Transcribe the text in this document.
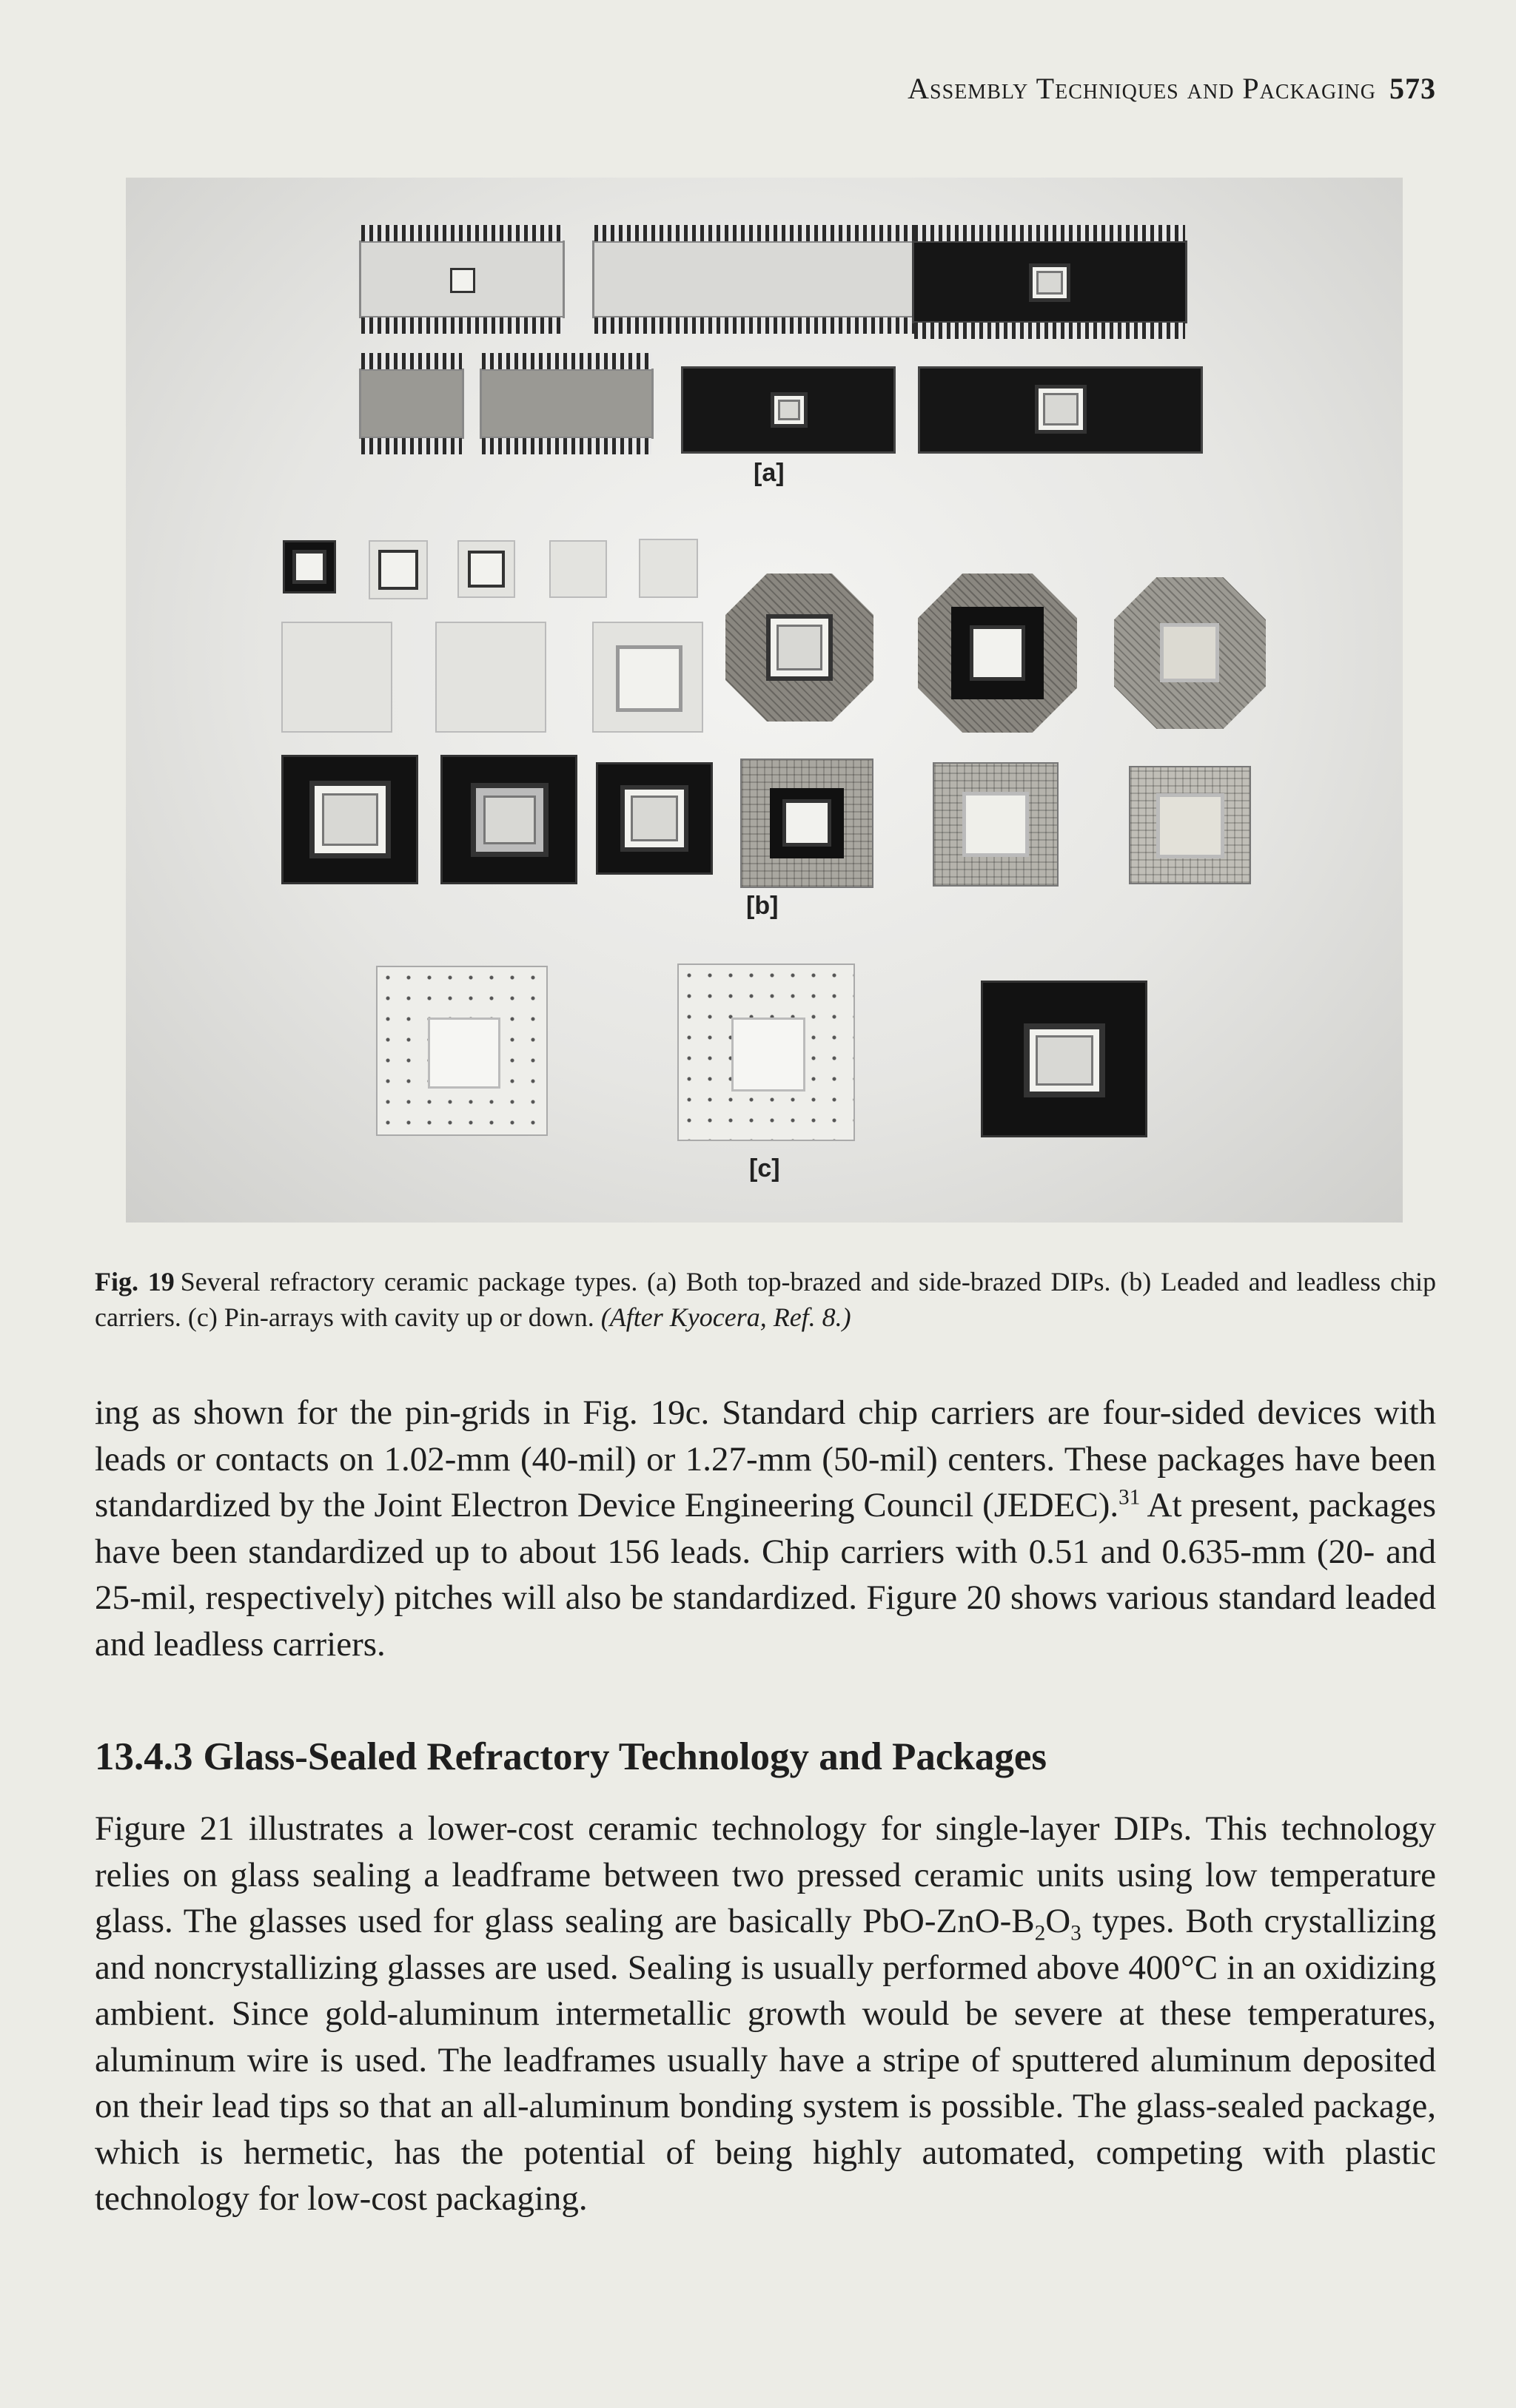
Assembly Techniques and Packaging 573
[a]
[b]
[c]
Fig. 19 Several refractory ceramic package types. (a) Both top-brazed and side-brazed DIPs. (b) Leaded and leadless chip carriers. (c) Pin-arrays with cavity up or down. (After Kyocera, Ref. 8.)

ing as shown for the pin-grids in Fig. 19c. Standard chip carriers are four-sided devices with leads or contacts on 1.02-mm (40-mil) or 1.27-mm (50-mil) centers. These packages have been standardized by the Joint Electron Device Engineering Council (JEDEC).$^{31}$ At present, packages have been standardized up to about 156 leads. Chip carriers with 0.51 and 0.635-mm (20- and 25-mil, respectively) pitches will also be standardized. Figure 20 shows various standard leaded and leadless carriers.

13.4.3 Glass-Sealed Refractory Technology and Packages

Figure 21 illustrates a lower-cost ceramic technology for single-layer DIPs. This technology relies on glass sealing a leadframe between two pressed ceramic units using low temperature glass. The glasses used for glass sealing are basically PbO-$ZnO-B_2O_3$ types. Both crystallizing and noncrystallizing glasses are used. Sealing is usually performed above 400°C in an oxidizing ambient. Since gold-aluminum intermetallic growth would be severe at these temperatures, aluminum wire is used. The leadframes usually have a stripe of sputtered aluminum deposited on their lead tips so that an all-aluminum bonding system is possible. The glass-sealed package, which is hermetic, has the potential of being highly automated, competing with plastic technology for low-cost packaging.
